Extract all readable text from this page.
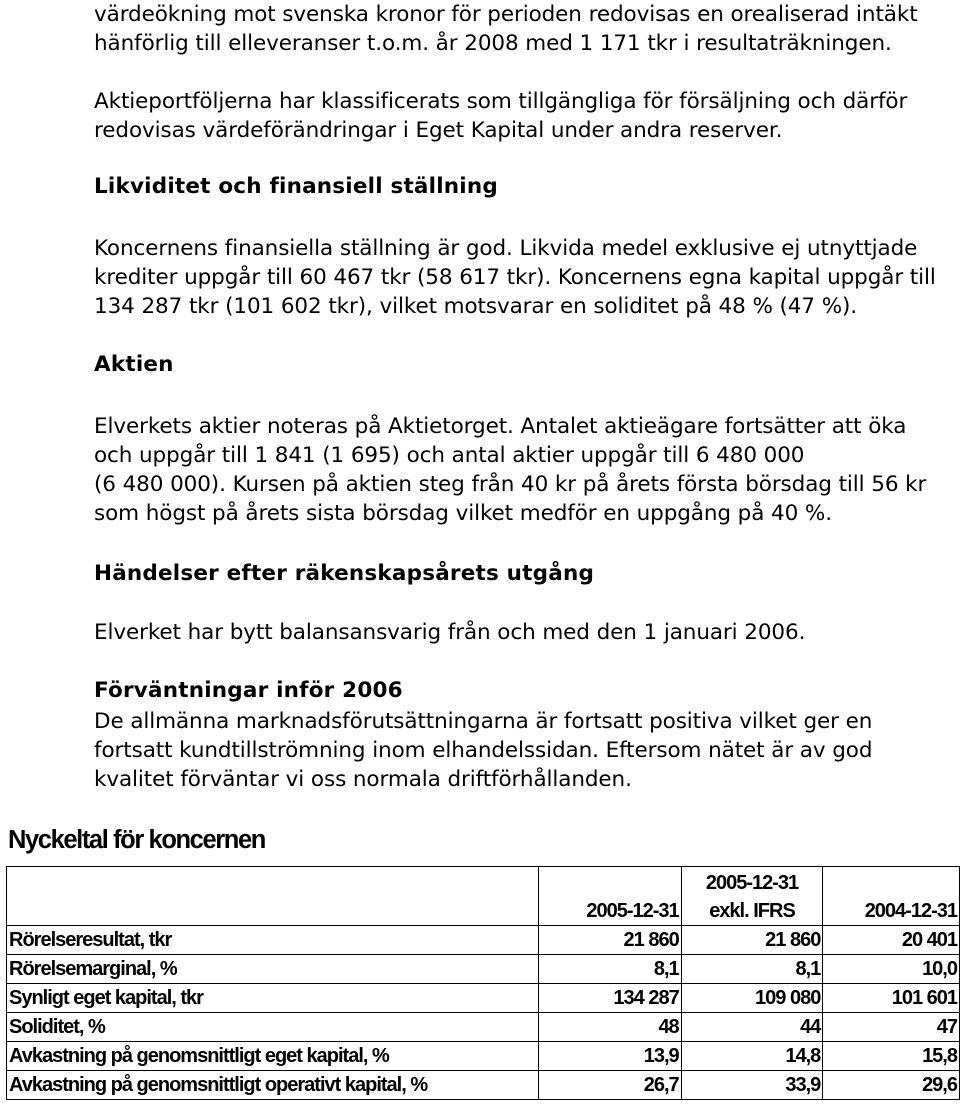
värdeökning mot svenska kronor för perioden redovisas en orealiserad intäkt
hänförlig till elleveranser t.o.m. år 2008 med 1 171 tkr i resultaträkningen.

Aktieportföljerna har klassificerats som tillgängliga för försäljning och därför
redovisas värdeförändringar i Eget Kapital under andra reserver.

Likviditet och finansiell ställning

Koncernens finansiella ställning är god. Likvida medel exklusive ej utnyttjade
krediter uppgår till 60 467 tkr (58 617 tkr). Koncernens egna kapital uppgår till
134 287 tkr (101 602 tkr), vilket motsvarar en soliditet på 48 % (47 %).

Aktien

Elverkets aktier noteras på Aktietorget. Antalet aktieägare fortsätter att öka
och uppgår till 1 841 (1 695) och antal aktier uppgår till 6 480 000
(6 480 000). Kursen på aktien steg från 40 kr på årets första börsdag till 56 kr
som högst på årets sista börsdag vilket medför en uppgång på 40 %.

Händelser efter räkenskapsårets utgång

Elverket har bytt balansansvarig från och med den 1 januari 2006.

Förväntningar inför 2006

De allmänna marknadsförutsättningarna är fortsatt positiva vilket ger en
fortsatt kundtillströmning inom elhandelssidan. Eftersom nätet är av god
kvalitet förväntar vi oss normala driftförhållanden.

Nyckeltal för koncernen
		2005-12-31	
	2005-12-31	exkl. IFRS	2004-12-31
Rörelseresultat, tkr	21 860	21 860	20 401
Rörelsemarginal, %	8,1	8,1	10,0
Synligt eget kapital, tkr	134 287	109 080	101 601
Soliditet, %	48	44	47
Avkastning på genomsnittligt eget kapital, %	13,9	14,8	15,8
Avkastning på genomsnittligt operativt kapital, %	26,7	33,9	29,6
